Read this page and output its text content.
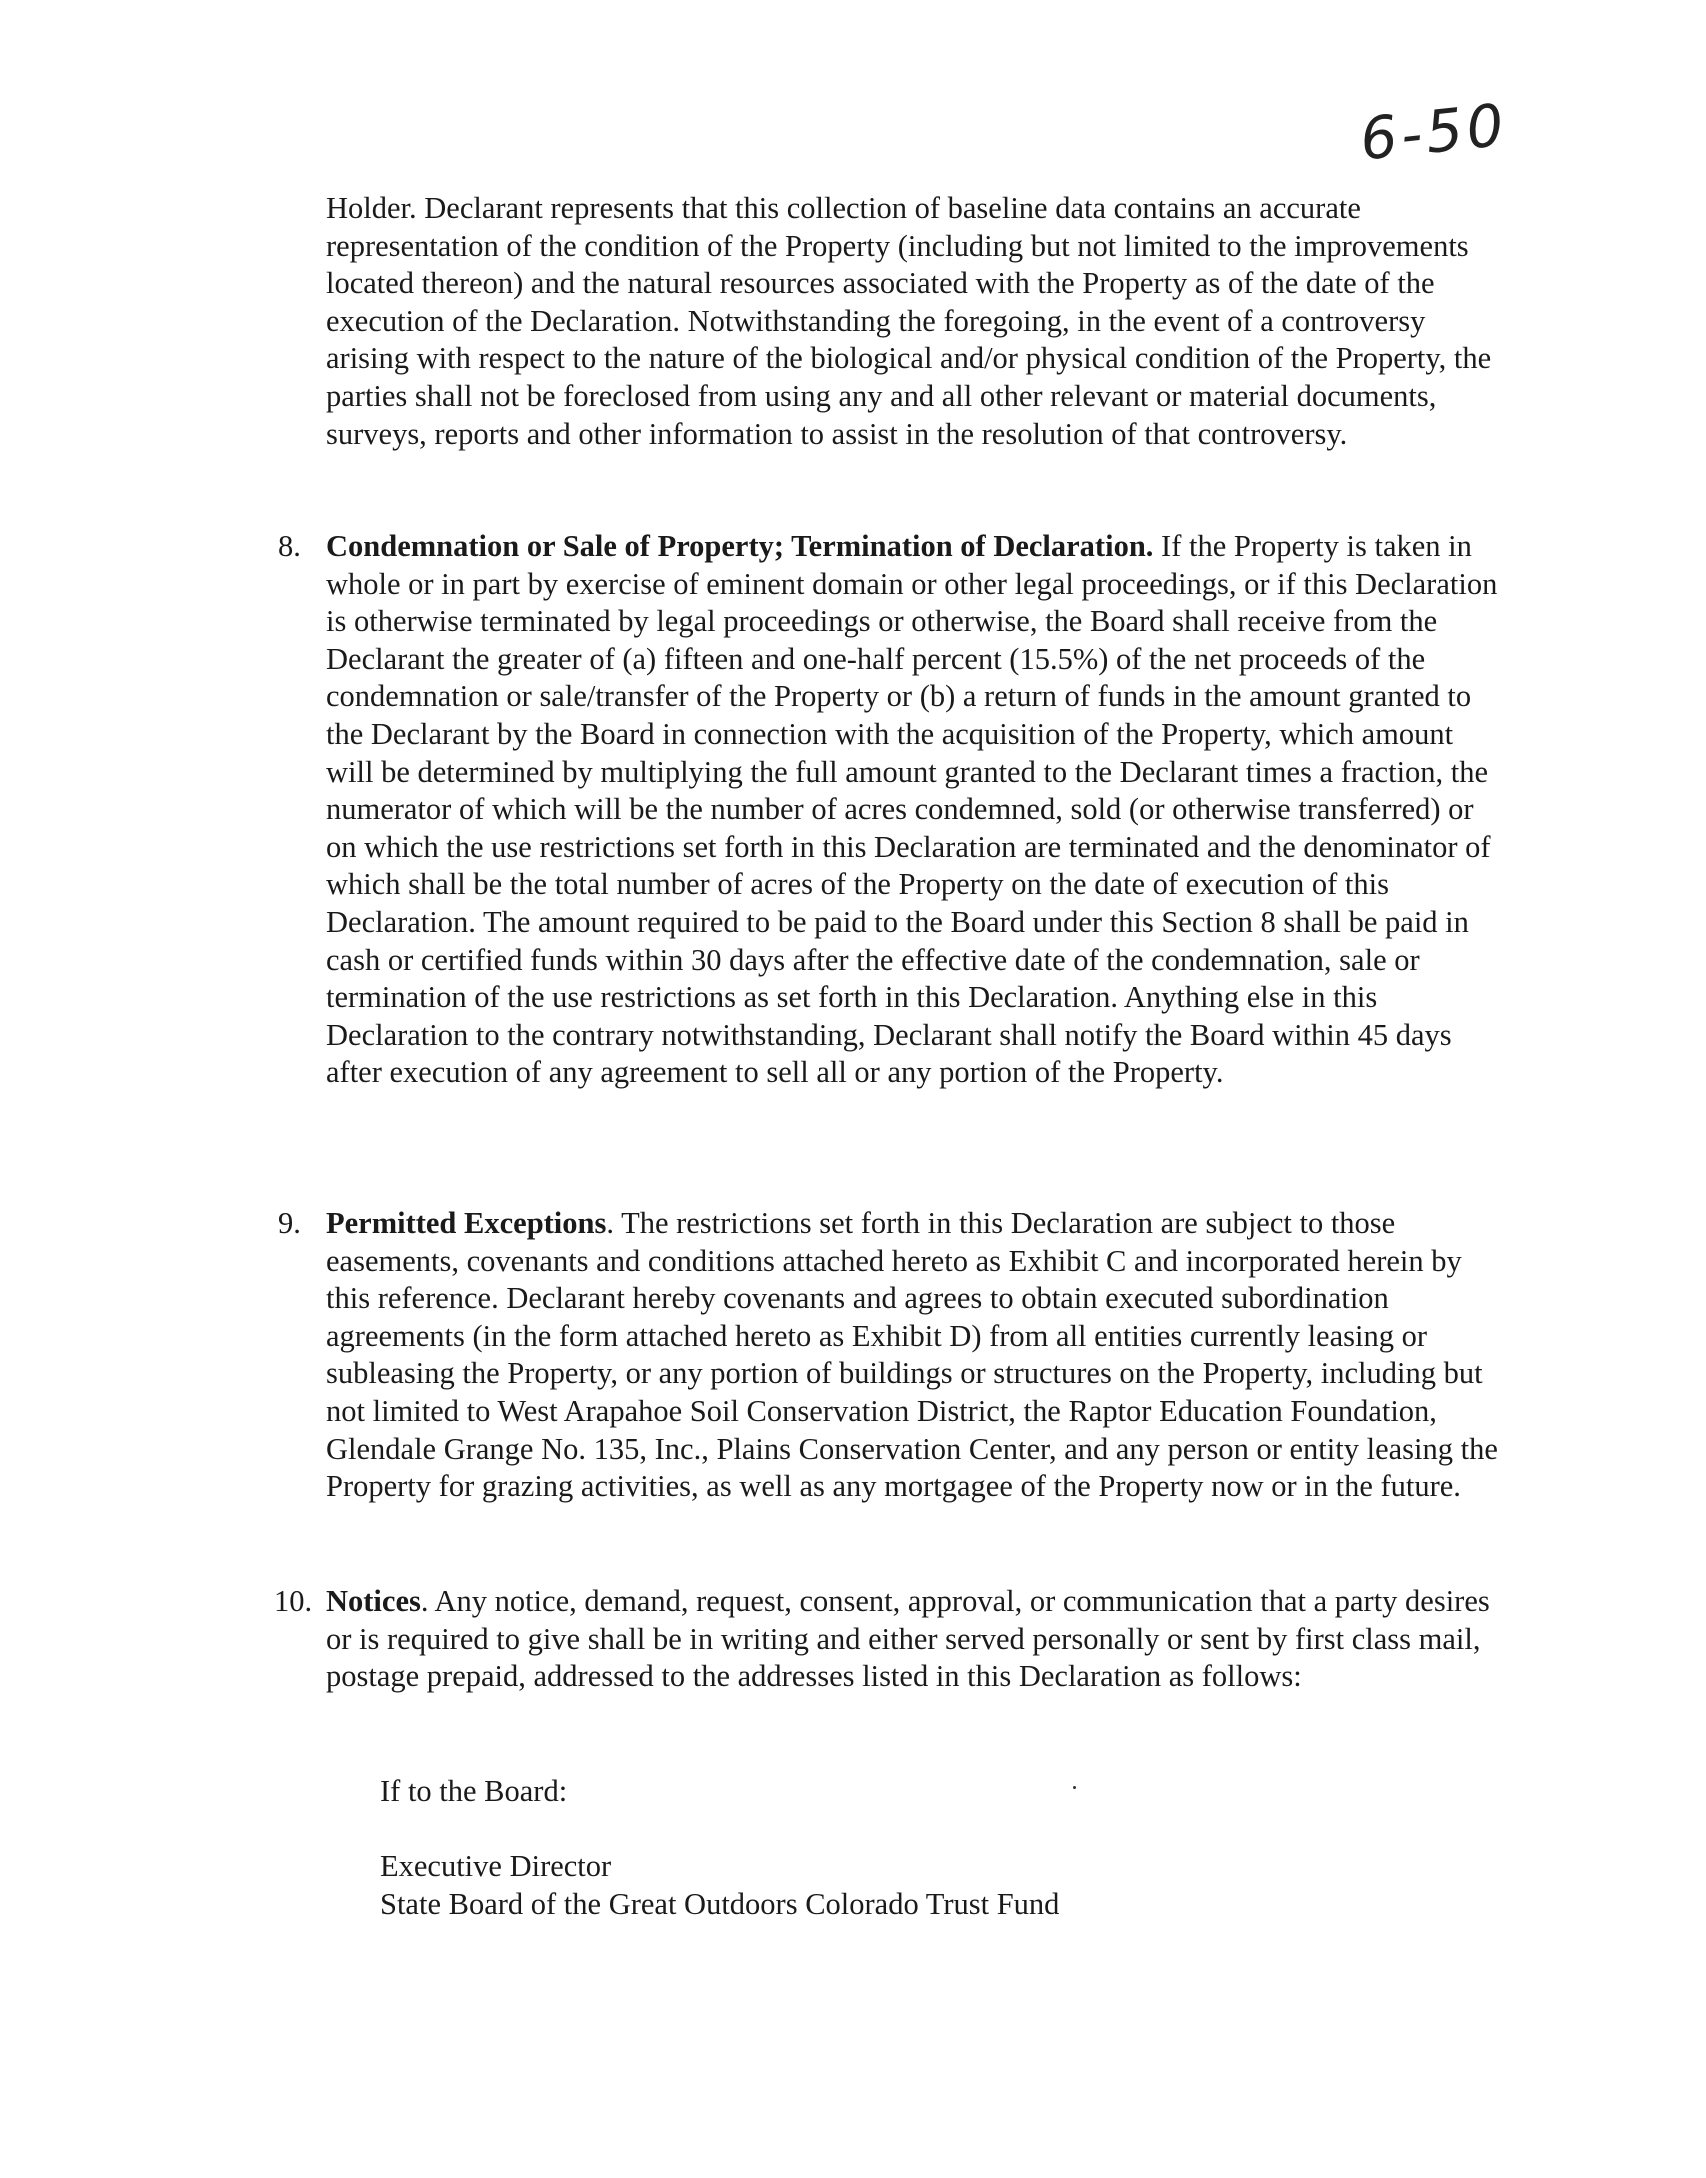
6-50

Holder. Declarant represents that this collection of baseline data contains an accurate representation of the condition of the Property (including but not limited to the improvements located thereon) and the natural resources associated with the Property as of the date of the execution of the Declaration. Notwithstanding the foregoing, in the event of a controversy arising with respect to the nature of the biological and/or physical condition of the Property, the parties shall not be foreclosed from using any and all other relevant or material documents, surveys, reports and other information to assist in the resolution of that controversy.

8. Condemnation or Sale of Property; Termination of Declaration. If the Property is taken in whole or in part by exercise of eminent domain or other legal proceedings, or if this Declaration is otherwise terminated by legal proceedings or otherwise, the Board shall receive from the Declarant the greater of (a) fifteen and one-half percent (15.5%) of the net proceeds of the condemnation or sale/transfer of the Property or (b) a return of funds in the amount granted to the Declarant by the Board in connection with the acquisition of the Property, which amount will be determined by multiplying the full amount granted to the Declarant times a fraction, the numerator of which will be the number of acres condemned, sold (or otherwise transferred) or on which the use restrictions set forth in this Declaration are terminated and the denominator of which shall be the total number of acres of the Property on the date of execution of this Declaration. The amount required to be paid to the Board under this Section 8 shall be paid in cash or certified funds within 30 days after the effective date of the condemnation, sale or termination of the use restrictions as set forth in this Declaration. Anything else in this Declaration to the contrary notwithstanding, Declarant shall notify the Board within 45 days after execution of any agreement to sell all or any portion of the Property.
9. Permitted Exceptions. The restrictions set forth in this Declaration are subject to those easements, covenants and conditions attached hereto as Exhibit C and incorporated herein by this reference. Declarant hereby covenants and agrees to obtain executed subordination agreements (in the form attached hereto as Exhibit D) from all entities currently leasing or subleasing the Property, or any portion of buildings or structures on the Property, including but not limited to West Arapahoe Soil Conservation District, the Raptor Education Foundation, Glendale Grange No. 135, Inc., Plains Conservation Center, and any person or entity leasing the Property for grazing activities, as well as any mortgagee of the Property now or in the future.
10. Notices. Any notice, demand, request, consent, approval, or communication that a party desires or is required to give shall be in writing and either served personally or sent by first class mail, postage prepaid, addressed to the addresses listed in this Declaration as follows:
If to the Board:
Executive Director
State Board of the Great Outdoors Colorado Trust Fund
